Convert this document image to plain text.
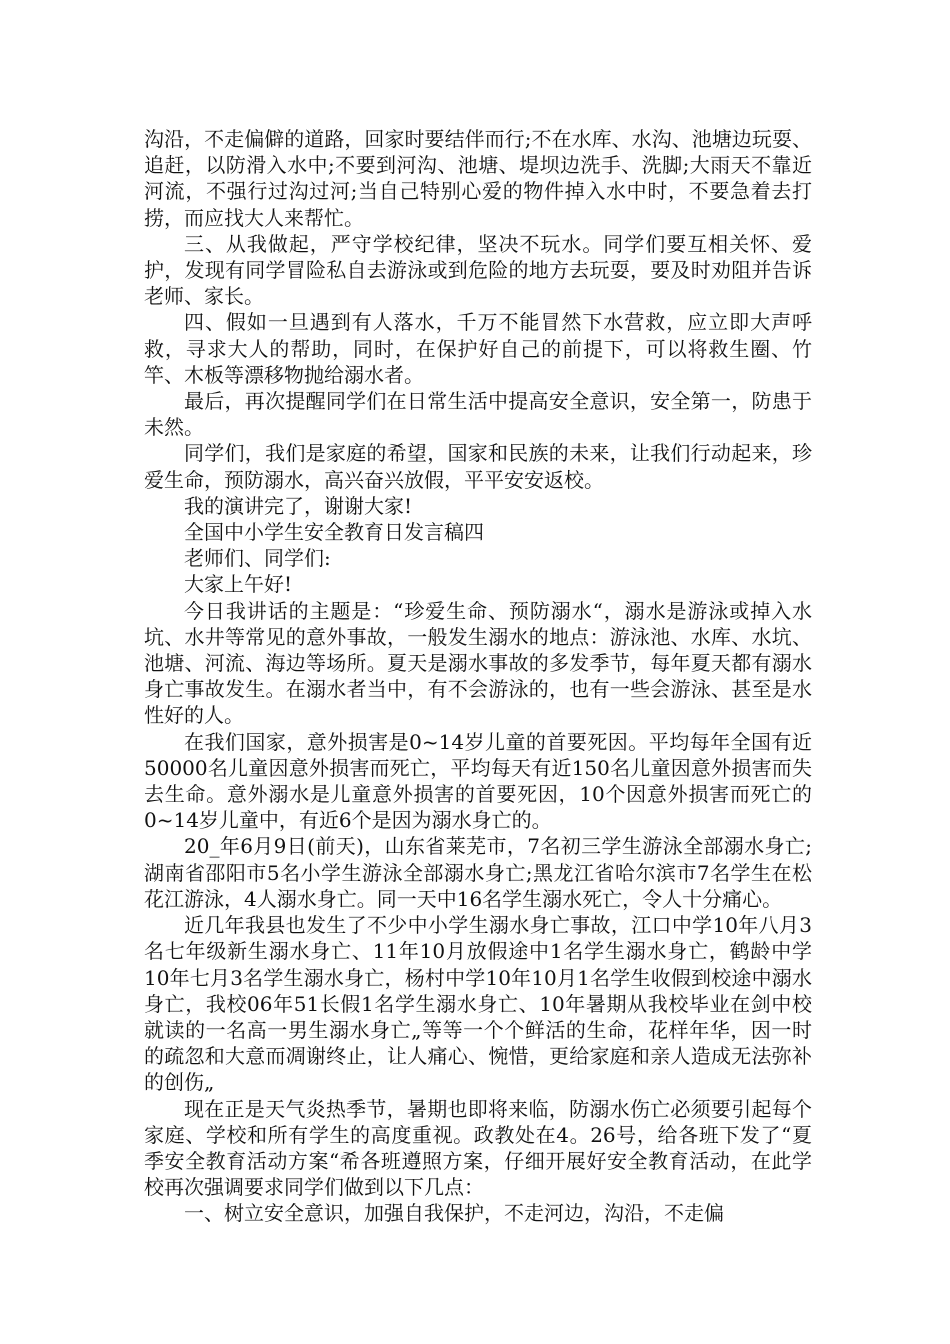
沟沿，不走偏僻的道路，回家时要结伴而行;不在水库、水沟、池塘边玩耍、追赶，以防滑入水中;不要到河沟、池塘、堤坝边洗手、洗脚;大雨天不靠近河流，不强行过沟过河;当自己特别心爱的物件掉入水中时，不要急着去打捞，而应找大人来帮忙。

三、从我做起，严守学校纪律，坚决不玩水。同学们要互相关怀、爱护，发现有同学冒险私自去游泳或到危险的地方去玩耍，要及时劝阻并告诉老师、家长。

四、假如一旦遇到有人落水，千万不能冒然下水营救，应立即大声呼救，寻求大人的帮助，同时，在保护好自己的前提下，可以将救生圈、竹竿、木板等漂移物抛给溺水者。

最后，再次提醒同学们在日常生活中提高安全意识，安全第一，防患于未然。

同学们，我们是家庭的希望，国家和民族的未来，让我们行动起来，珍爱生命，预防溺水，高兴奋兴放假，平平安安返校。

我的演讲完了，谢谢大家!

全国中小学生安全教育日发言稿四

老师们、同学们:

大家上午好!

今日我讲话的主题是：“珍爱生命、预防溺水“，溺水是游泳或掉入水坑、水井等常见的意外事故，一般发生溺水的地点：游泳池、水库、水坑、池塘、河流、海边等场所。夏天是溺水事故的多发季节，每年夏天都有溺水身亡事故发生。在溺水者当中，有不会游泳的，也有一些会游泳、甚至是水性好的人。

在我们国家，意外损害是0~14岁儿童的首要死因。平均每年全国有近50000名儿童因意外损害而死亡，平均每天有近150名儿童因意外损害而失去生命。意外溺水是儿童意外损害的首要死因，10个因意外损害而死亡的0~14岁儿童中，有近6个是因为溺水身亡的。

20_年6月9日(前天)，山东省莱芜市，7名初三学生游泳全部溺水身亡;湖南省邵阳市5名小学生游泳全部溺水身亡;黑龙江省哈尔滨市7名学生在松花江游泳，4人溺水身亡。同一天中16名学生溺水死亡，令人十分痛心。

近几年我县也发生了不少中小学生溺水身亡事故，江口中学10年八月3名七年级新生溺水身亡、11年10月放假途中1名学生溺水身亡，鹤龄中学10年七月3名学生溺水身亡，杨村中学10年10月1名学生收假到校途中溺水身亡，我校06年51长假1名学生溺水身亡、10年暑期从我校毕业在剑中校就读的一名高一男生溺水身亡„等等一个个鲜活的生命，花样年华，因一时的疏忽和大意而凋谢终止，让人痛心、惋惜，更给家庭和亲人造成无法弥补的创伤„

现在正是天气炎热季节，暑期也即将来临，防溺水伤亡必须要引起每个家庭、学校和所有学生的高度重视。政教处在4。26号，给各班下发了“夏季安全教育活动方案“希各班遵照方案，仔细开展好安全教育活动，在此学校再次强调要求同学们做到以下几点：

一、树立安全意识，加强自我保护，不走河边，沟沿，不走偏
